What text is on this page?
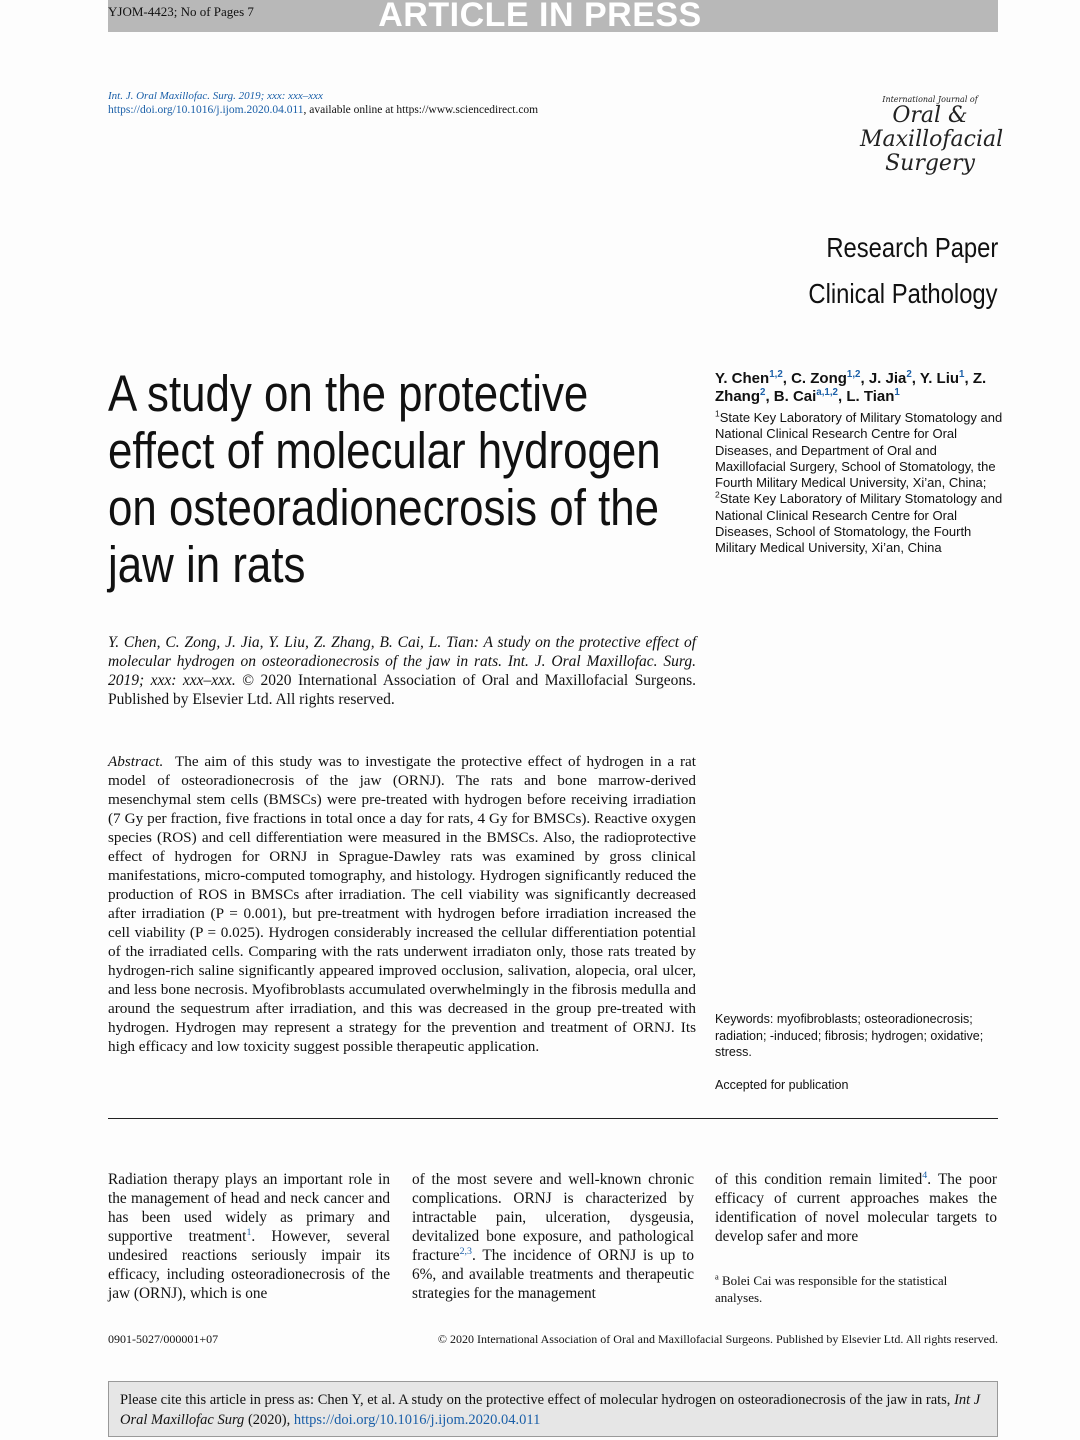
YJOM-4423; No of Pages 7	ARTICLE IN PRESS
Int. J. Oral Maxillofac. Surg. 2019; xxx: xxx–xxx
https://doi.org/10.1016/j.ijom.2020.04.011, available online at https://www.sciencedirect.com
International Journal of
Oral &
Maxillofacial
Surgery
Research Paper
Clinical Pathology
A study on the protective effect of molecular hydrogen on osteoradionecrosis of the jaw in rats
Y. Chen$^{1,2}$, C. Zong$^{1,2}$, J. Jia$^2$, Y. Liu$^1$, Z. Zhang$^2$, B. Cai$^{a,1,2}$, L. Tian$^1$
$^1$State Key Laboratory of Military Stomatology and National Clinical Research Centre for Oral Diseases, and Department of Oral and Maxillofacial Surgery, School of Stomatology, the Fourth Military Medical University, Xi’an, China; $^2$State Key Laboratory of Military Stomatology and National Clinical Research Centre for Oral Diseases, School of Stomatology, the Fourth Military Medical University, Xi’an, China
Y. Chen, C. Zong, J. Jia, Y. Liu, Z. Zhang, B. Cai, L. Tian: A study on the protective effect of molecular hydrogen on osteoradionecrosis of the jaw in rats. Int. J. Oral Maxillofac. Surg. 2019; xxx: xxx–xxx. © 2020 International Association of Oral and Maxillofacial Surgeons. Published by Elsevier Ltd. All rights reserved.
Abstract. The aim of this study was to investigate the protective effect of hydrogen in a rat model of osteoradionecrosis of the jaw (ORNJ). The rats and bone marrow-derived mesenchymal stem cells (BMSCs) were pre-treated with hydrogen before receiving irradiation (7 Gy per fraction, five fractions in total once a day for rats, 4 Gy for BMSCs). Reactive oxygen species (ROS) and cell differentiation were measured in the BMSCs. Also, the radioprotective effect of hydrogen for ORNJ in Sprague-Dawley rats was examined by gross clinical manifestations, micro-computed tomography, and histology. Hydrogen significantly reduced the production of ROS in BMSCs after irradiation. The cell viability was significantly decreased after irradiation (P = 0.001), but pre-treatment with hydrogen before irradiation increased the cell viability (P = 0.025). Hydrogen considerably increased the cellular differentiation potential of the irradiated cells. Comparing with the rats underwent irradiaton only, those rats treated by hydrogen-rich saline significantly appeared improved occlusion, salivation, alopecia, oral ulcer, and less bone necrosis. Myofibroblasts accumulated overwhelmingly in the fibrosis medulla and around the sequestrum after irradiation, and this was decreased in the group pre-treated with hydrogen. Hydrogen may represent a strategy for the prevention and treatment of ORNJ. Its high efficacy and low toxicity suggest possible therapeutic application.
Keywords: myofibroblasts; osteoradionecrosis; radiation; -induced; fibrosis; hydrogen; oxidative; stress.
Accepted for publication
Radiation therapy plays an important role in the management of head and neck cancer and has been used widely as primary and supportive treatment$^1$. However, several undesired reactions seriously impair its efficacy, including osteoradionecrosis of the jaw (ORNJ), which is one
of the most severe and well-known chronic complications. ORNJ is characterized by intractable pain, ulceration, dysgeusia, devitalized bone exposure, and pathological fracture$^{2,3}$. The incidence of ORNJ is up to 6%, and available treatments and therapeutic strategies for the management
of this condition remain limited$^4$. The poor efficacy of current approaches makes the identification of novel molecular targets to develop safer and more
$^a$ Bolei Cai was responsible for the statistical analyses.
0901-5027/000001+07	© 2020 International Association of Oral and Maxillofacial Surgeons. Published by Elsevier Ltd. All rights reserved.
Please cite this article in press as: Chen Y, et al. A study on the protective effect of molecular hydrogen on osteoradionecrosis of the jaw in rats, Int J Oral Maxillofac Surg (2020), https://doi.org/10.1016/j.ijom.2020.04.011
